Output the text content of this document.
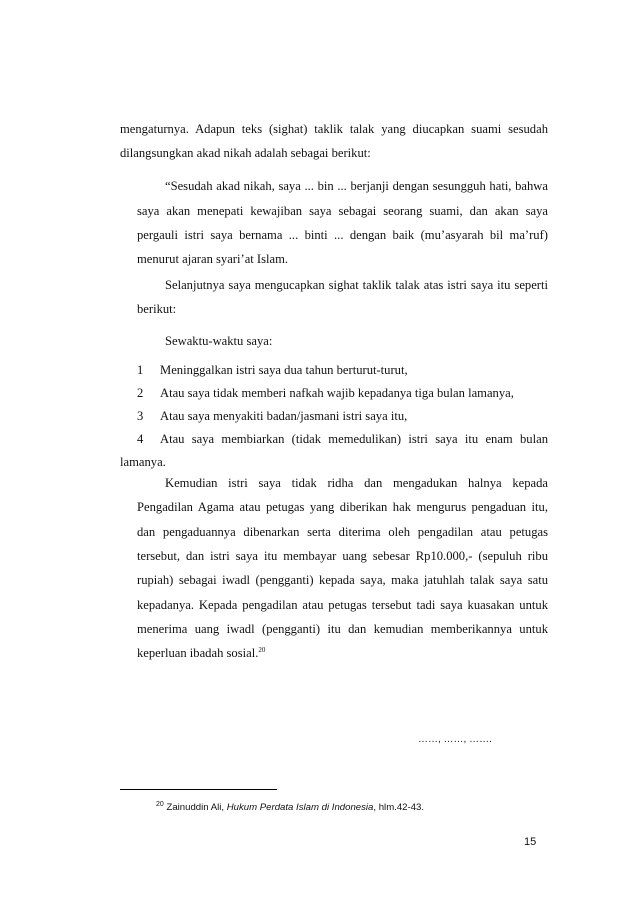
mengaturnya. Adapun teks (sighat) taklik talak yang diucapkan suami sesudah

dilangsungkan akad nikah adalah sebagai berikut:

“Sesudah akad nikah, saya ... bin ... berjanji dengan sesungguh hati, bahwa

saya akan menepati kewajiban saya sebagai seorang suami, dan akan saya

pergauli istri saya bernama ... binti ... dengan baik (mu’asyarah bil ma’ruf)

menurut ajaran syari’at Islam.

Selanjutnya saya mengucapkan sighat taklik talak atas istri saya itu seperti

berikut:

Sewaktu-waktu saya:

1 Meninggalkan istri saya dua tahun berturut-turut,

2 Atau saya tidak memberi nafkah wajib kepadanya tiga bulan lamanya,

3 Atau saya menyakiti badan/jasmani istri saya itu,

4 Atau saya membiarkan (tidak memedulikan) istri saya itu enam bulan

lamanya.

Kemudian istri saya tidak ridha dan mengadukan halnya kepada

Pengadilan Agama atau petugas yang diberikan hak mengurus pengaduan itu,

dan pengaduannya dibenarkan serta diterima oleh pengadilan atau petugas

tersebut, dan istri saya itu membayar uang sebesar Rp10.000,- (sepuluh ribu

rupiah) sebagai iwadl (pengganti) kepada saya, maka jatuhlah talak saya satu

kepadanya. Kepada pengadilan atau petugas tersebut tadi saya kuasakan untuk

menerima uang iwadl (pengganti) itu dan kemudian memberikannya untuk

keperluan ibadah sosial.$^{20}$

……, ……, …….
$^{20}$ Zainuddin Ali, Hukum Perdata Islam di Indonesia, hlm.42-43.
15
